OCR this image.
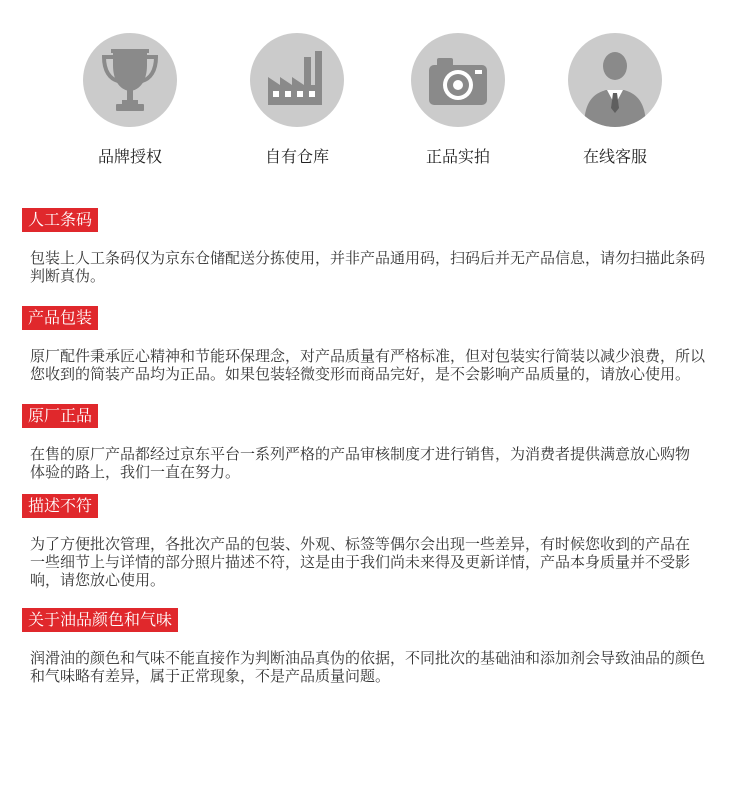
品牌授权	自有仓库	正品实拍	在线客服
人工条码
包装上人工条码仅为京东仓储配送分拣使用，并非产品通用码，扫码后并无产品信息，请勿扫描此条码
判断真伪。
产品包装
原厂配件秉承匠心精神和节能环保理念，对产品质量有严格标准，但对包装实行简装以减少浪费，所以
您收到的简装产品均为正品。如果包装轻微变形而商品完好，是不会影响产品质量的，请放心使用。
原厂正品
在售的原厂产品都经过京东平台一系列严格的产品审核制度才进行销售，为消费者提供满意放心购物
体验的路上，我们一直在努力。
描述不符
为了方便批次管理，各批次产品的包装、外观、标签等偶尔会出现一些差异，有时候您收到的产品在
一些细节上与详情的部分照片描述不符，这是由于我们尚未来得及更新详情，产品本身质量并不受影
响，请您放心使用。
关于油品颜色和气味
润滑油的颜色和气味不能直接作为判断油品真伪的依据，不同批次的基础油和添加剂会导致油品的颜色
和气味略有差异，属于正常现象，不是产品质量问题。
